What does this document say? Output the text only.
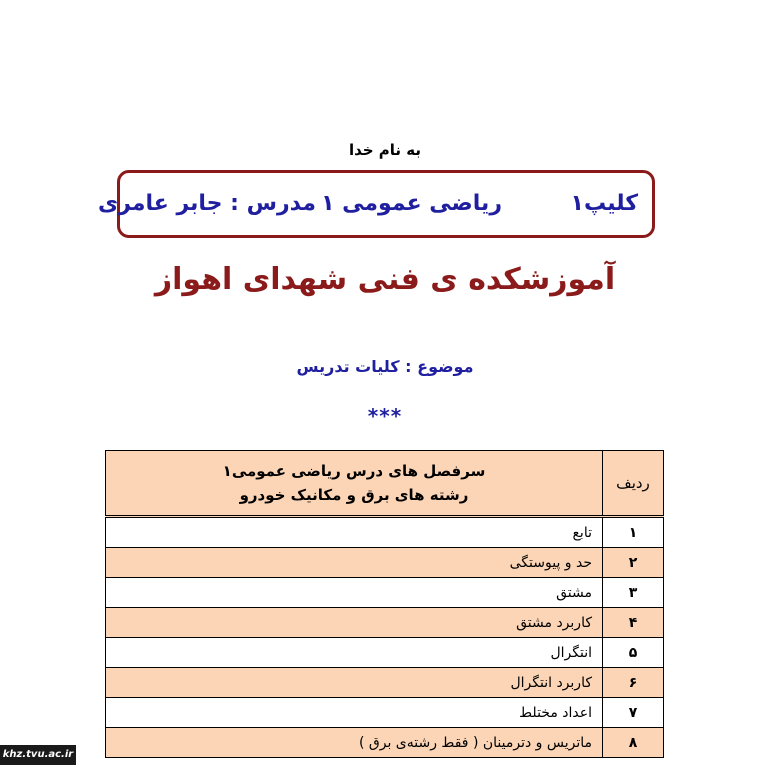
به نام خدا
کلیپ۱
ریاضی عمومی ۱
مدرس : جابر عامری
آموزشکده ی فنی شهدای اهواز
موضوع : کلیات تدریس
***
ردیف	سرفصل های درس ریاضی عمومی۱
رشته های برق و مکانیک خودرو

۱	تابع
۲	حد و پیوستگی
۳	مشتق
۴	کاربرد مشتق
۵	انتگرال
۶	کاربرد انتگرال
۷	اعداد مختلط
۸	ماتریس و دترمینان ( فقط رشته‌ی برق )
khz.tvu.ac.ir
